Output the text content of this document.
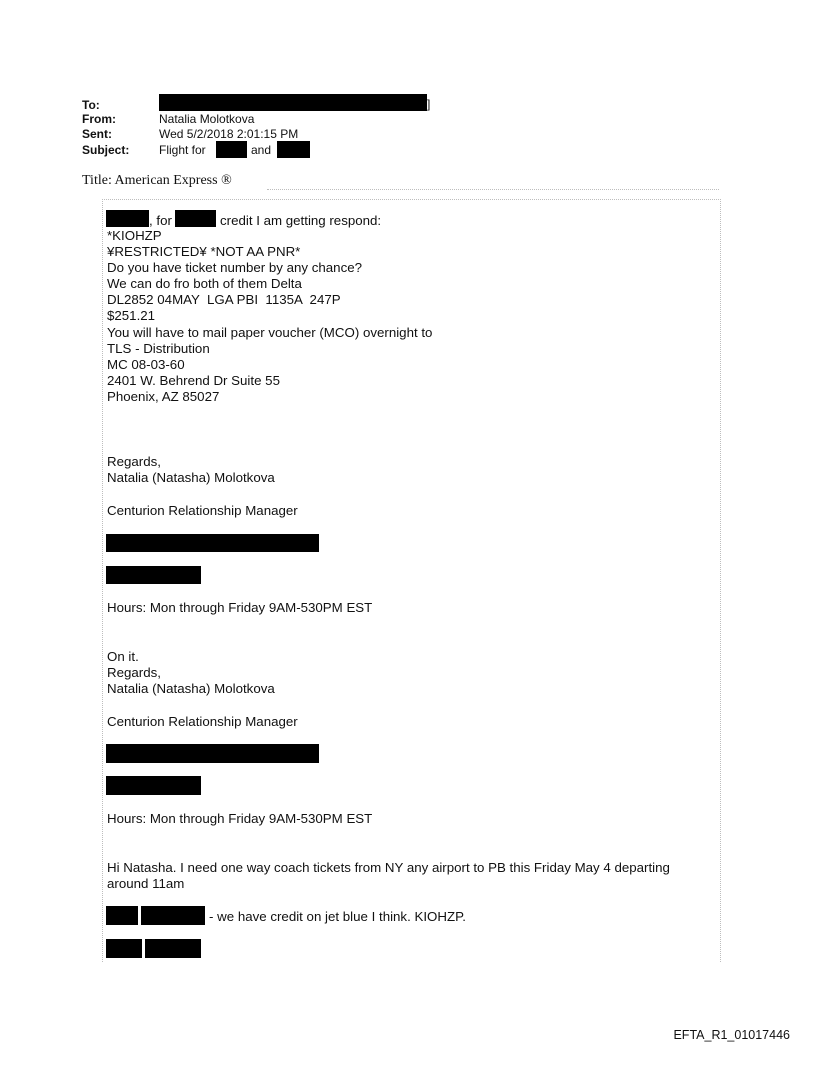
To:	]
From:	Natalia Molotkova
Sent:	Wed 5/2/2018 2:01:15 PM
Subject: Flight for	and
Title: American Express ®
, for	credit I am getting respond:
*KIOHZP
¥RESTRICTED¥ *NOT AA PNR*
Do you have ticket number by any chance?
We can do fro both of them Delta
DL2852 04MAY  LGA PBI  1135A  247P
$251.21
You will have to mail paper voucher (MCO) overnight to
TLS - Distribution
MC 08-03-60
2401 W. Behrend Dr Suite 55
Phoenix, AZ 85027
Regards,
Natalia (Natasha) Molotkova
Centurion Relationship Manager
Hours: Mon through Friday 9AM-530PM EST
On it.
Regards,
Natalia (Natasha) Molotkova
Centurion Relationship Manager
Hours: Mon through Friday 9AM-530PM EST
Hi Natasha. I need one way coach tickets from NY any airport to PB this Friday May 4 departing
around 11am
- we have credit on jet blue I think. KIOHZP.
EFTA_R1_01017446
